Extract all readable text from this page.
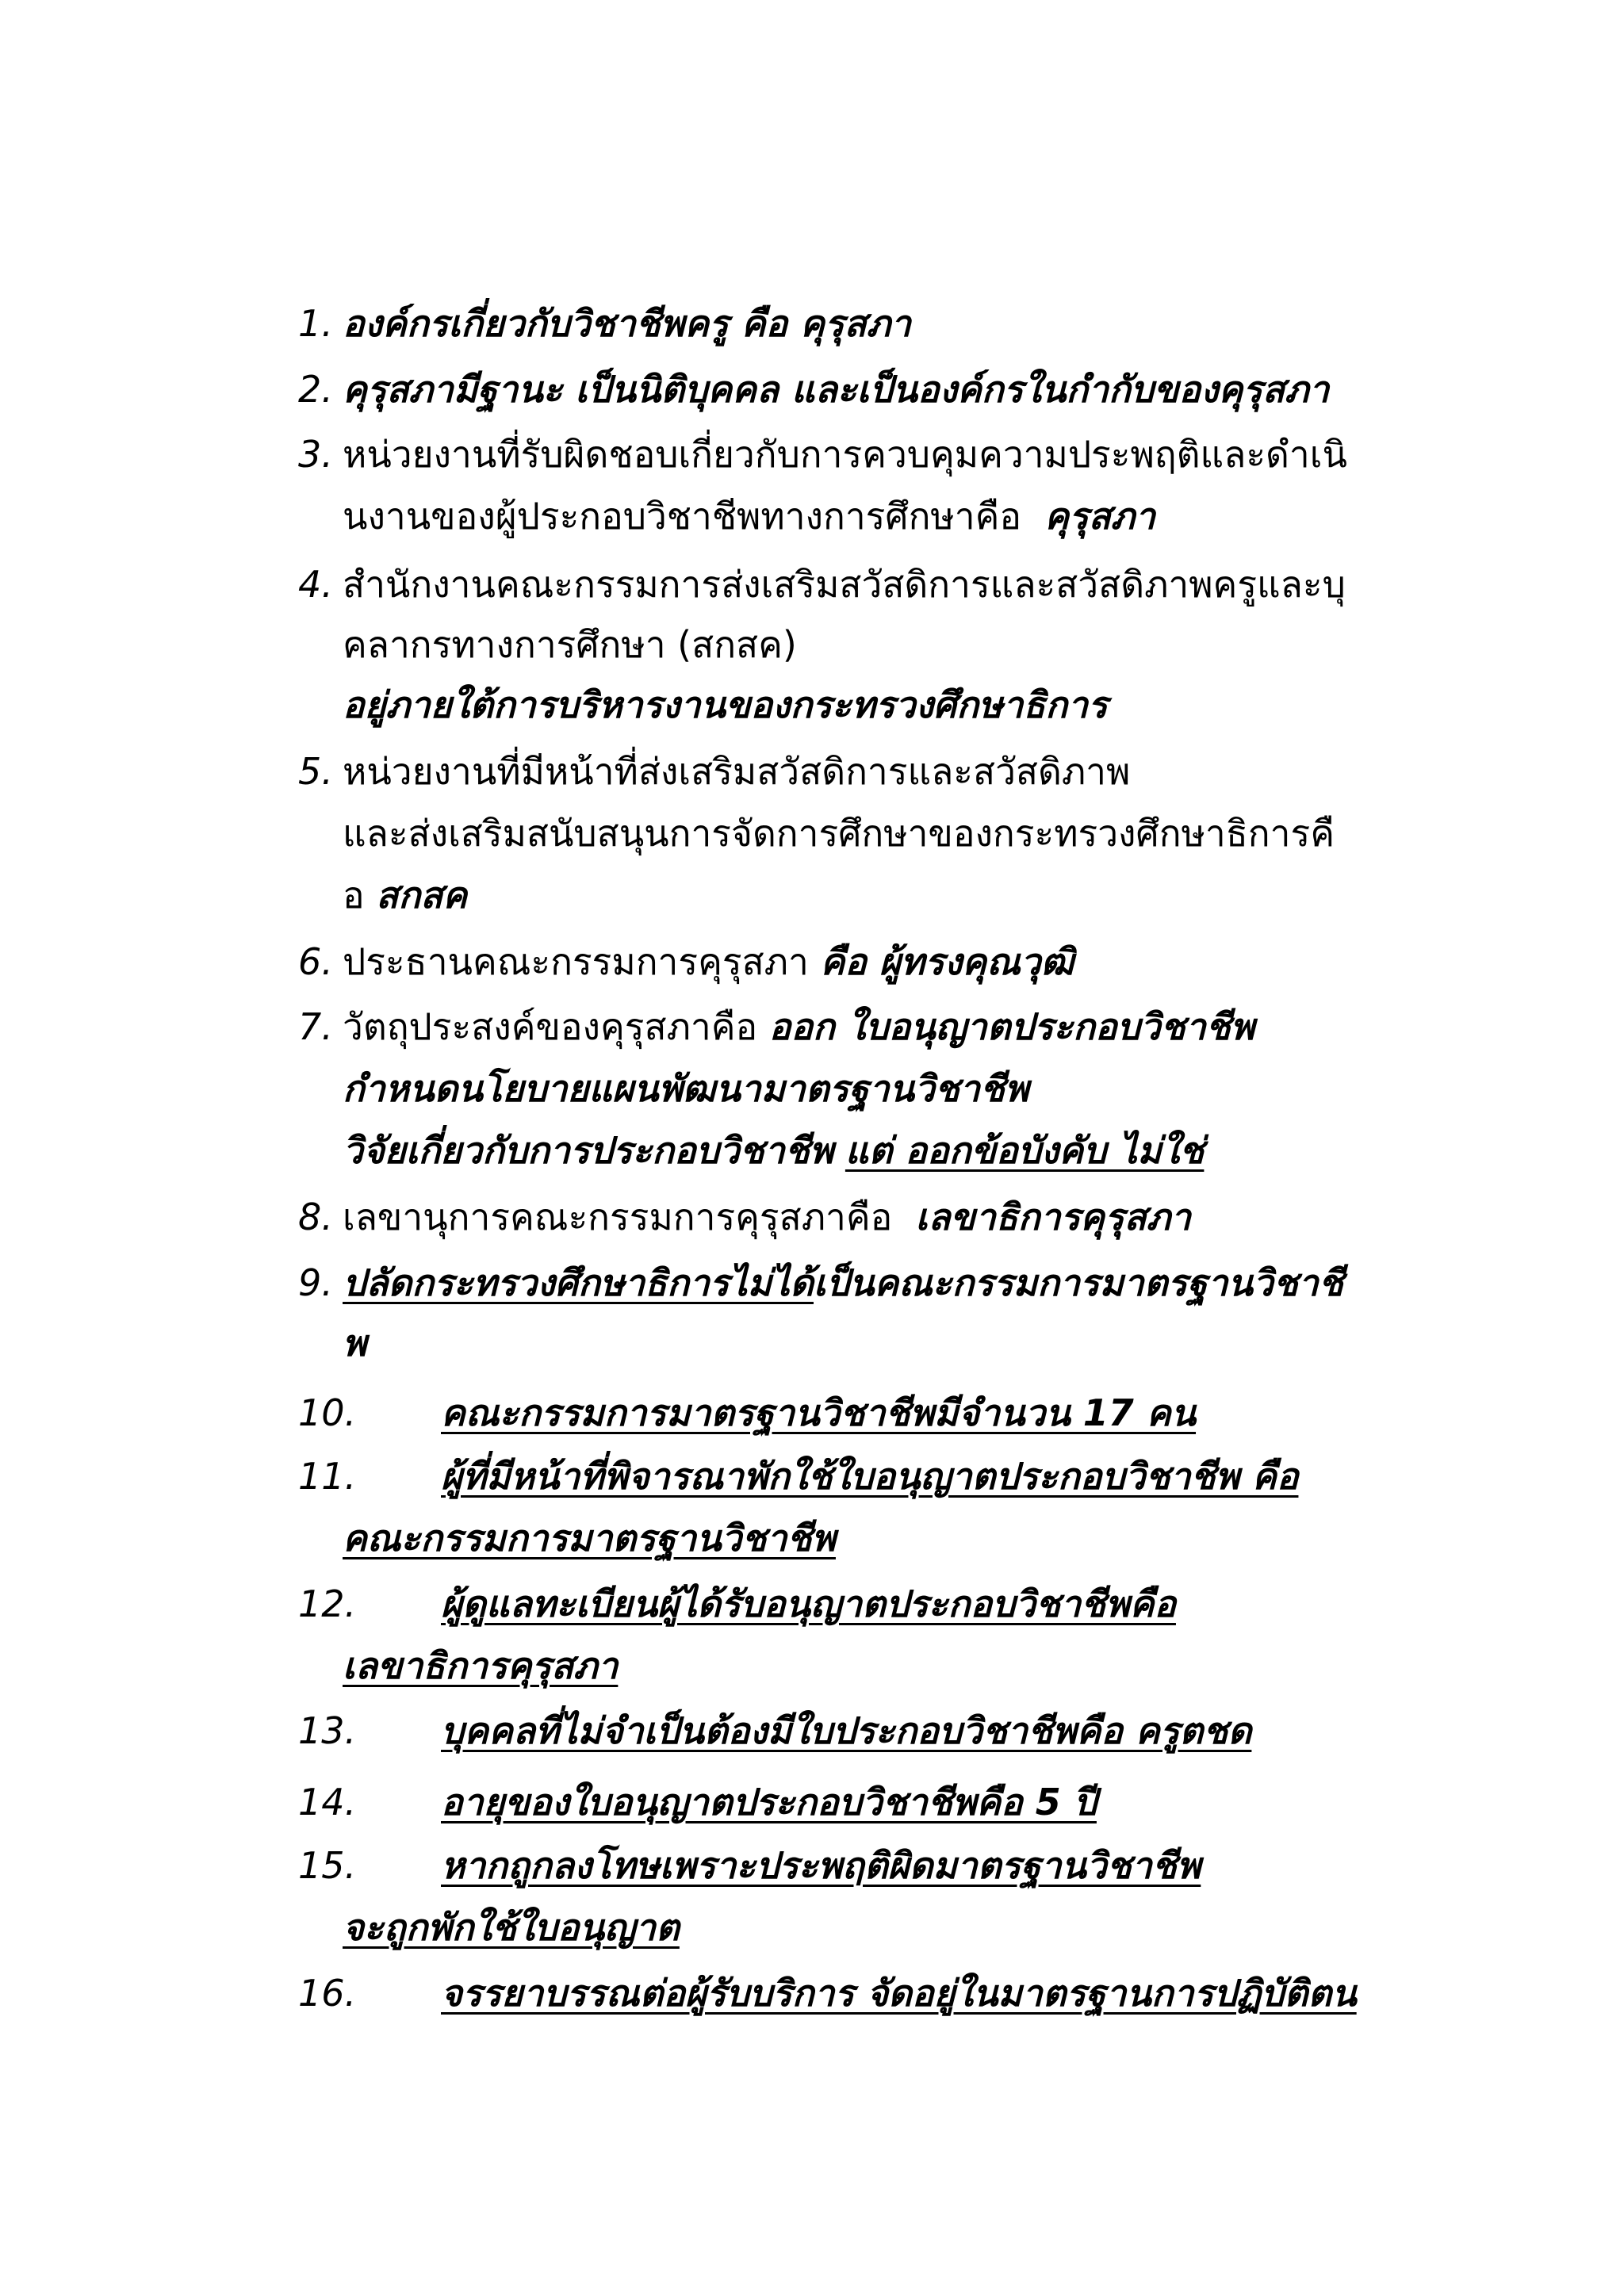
1. องค์กรเกี่ยวกับวิชาชีพครู คือ คุรุสภา
2. คุรุสภามีฐานะ เป็นนิติบุคคล และเป็นองค์กรในกำกับของคุรุสภา
3. หน่วยงานที่รับผิดชอบเกี่ยวกับการควบคุมความประพฤติและดำเนิ
นงานของผู้ประกอบวิชาชีพทางการศึกษาคือ คุรุสภา
4. สำนักงานคณะกรรมการส่งเสริมสวัสดิการและสวัสดิภาพครูและบุ
คลากรทางการศึกษา (สกสค)
อยู่ภายใต้การบริหารงานของกระทรวงศึกษาธิการ
5. หน่วยงานที่มีหน้าที่ส่งเสริมสวัสดิการและสวัสดิภาพ
และส่งเสริมสนับสนุนการจัดการศึกษาของกระทรวงศึกษาธิการคื
อ สกสค
6. ประธานคณะกรรมการคุรุสภา คือ ผู้ทรงคุณวุฒิ
7. วัตถุประสงค์ของคุรุสภาคือ ออก ใบอนุญาตประกอบวิชาชีพ
กำหนดนโยบายแผนพัฒนามาตรฐานวิชาชีพ
วิจัยเกี่ยวกับการประกอบวิชาชีพ แต่ ออกข้อบังคับ ไม่ใช่
8. เลขานุการคณะกรรมการคุรุสภาคือ เลขาธิการคุรุสภา
9. ปลัดกระทรวงศึกษาธิการไม่ได้เป็นคณะกรรมการมาตรฐานวิชาชี
พ
10. คณะกรรมการมาตรฐานวิชาชีพมีจำนวน 17 คน
11. ผู้ที่มีหน้าที่พิจารณาพักใช้ใบอนุญาตประกอบวิชาชีพ คือ
คณะกรรมการมาตรฐานวิชาชีพ
12. ผู้ดูแลทะเบียนผู้ได้รับอนุญาตประกอบวิชาชีพคือ
เลขาธิการคุรุสภา
13. บุคคลที่ไม่จำเป็นต้องมีใบประกอบวิชาชีพคือ ครูตชด
14. อายุของใบอนุญาตประกอบวิชาชีพคือ 5 ปี
15. หากถูกลงโทษเพราะประพฤติผิดมาตรฐานวิชาชีพ
จะถูกพักใช้ใบอนุญาต
16. จรรยาบรรณต่อผู้รับบริการ จัดอยู่ในมาตรฐานการปฏิบัติตน
